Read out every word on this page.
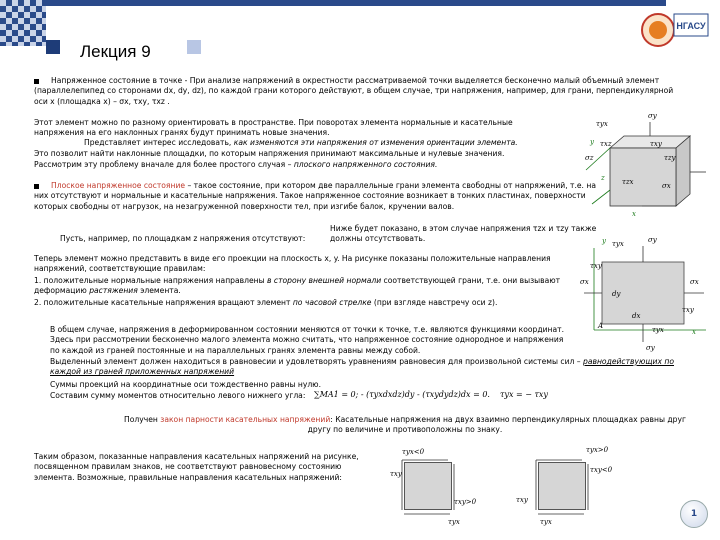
Лекция 9
НГАСУ
Напряженное состояние в точке - При анализе напряжений в окрестности рассматриваемой точки выделяется бесконечно малый объемный элемент (параллелепипед со сторонами dx, dy, dz), по каждой грани которого действуют, в общем случае, три напряжения, например, для грани, перпендикулярной оси x (площадка x) – σx, τxy, τxz .
Этот элемент можно по разному ориентировать в пространстве. При поворотах элемента нормальные и касательные напряжения на его наклонных гранях будут принимать новые значения.
Представляет интерес исследовать, как изменяются эти напряжения от изменения ориентации элемента.
Это позволит найти наклонные площадки, по которым напряжения принимают максимальные и нулевые значения.
Рассмотрим эту проблему вначале для более простого случая – плоского напряженного состояния.
Плоское напряженное состояние – такое состояние, при котором две параллельные грани элемента свободны от напряжений, т.е. на них отсутствуют и нормальные и касательные напряжения. Такое напряженное состояние возникает в тонких пластинах, поверхности которых свободны от нагрузок, на незагруженной поверхности тел, при изгибе балок, кручении валов.
Пусть, например, по площадкам z напряжения отсутствуют:
Ниже будет показано, в этом случае напряжения τzx и τzy также должны отсутствовать.
Теперь элемент можно представить в виде его проекции на плоскость x, y. На рисунке показаны положительные направления напряжений, соответствующие правилам:
1. положительные нормальные напряжения направлены в сторону внешней нормали соответствующей грани, т.е. они вызывают деформацию растяжения элемента.
2. положительные касательные напряжения вращают элемент по часовой стрелке (при взгляде навстречу оси z).
В общем случае, напряжения в деформированном состоянии меняются от точки к точке, т.е. являются функциями координат. Здесь при рассмотрении бесконечно малого элемента можно считать, что напряженное состояние однородное и напряжения по каждой из граней постоянные и на параллельных гранях элемента равны между собой.
Выделенный элемент должен находиться в равновесии и удовлетворять уравнениям равновесия для произвольной системы сил – равнодействующих по каждой из граней приложенных напряжений
Суммы проекций на координатные оси тождественно равны нулю.
Составим сумму моментов относительно левого нижнего угла:	∑MA1 = 0; - (τyxdxdz)dy - (τxydydz)dx = 0. τyx = − τxy
Получен закон парности касательных напряжений: Касательные напряжения на двух взаимно перпендикулярных площадках равны друг другу по величине и противоположны по знаку.
Таким образом, показанные направления касательных напряжений на рисунке, посвященном правилам знаков, не соответствуют равновесному состоянию элемента. Возможные, правильные направления касательных напряжений:
τyx
σy
y τxz	τxy
σz	τzy
τzx	σx
z
x
y τyx	σy
τxy
σx
dy
σx
τxy
dx
A	τyx	x
σy
τyx<0
τxy
τxy>0
τyx
τyx>0
τxy
τxy<0
τyx
1
